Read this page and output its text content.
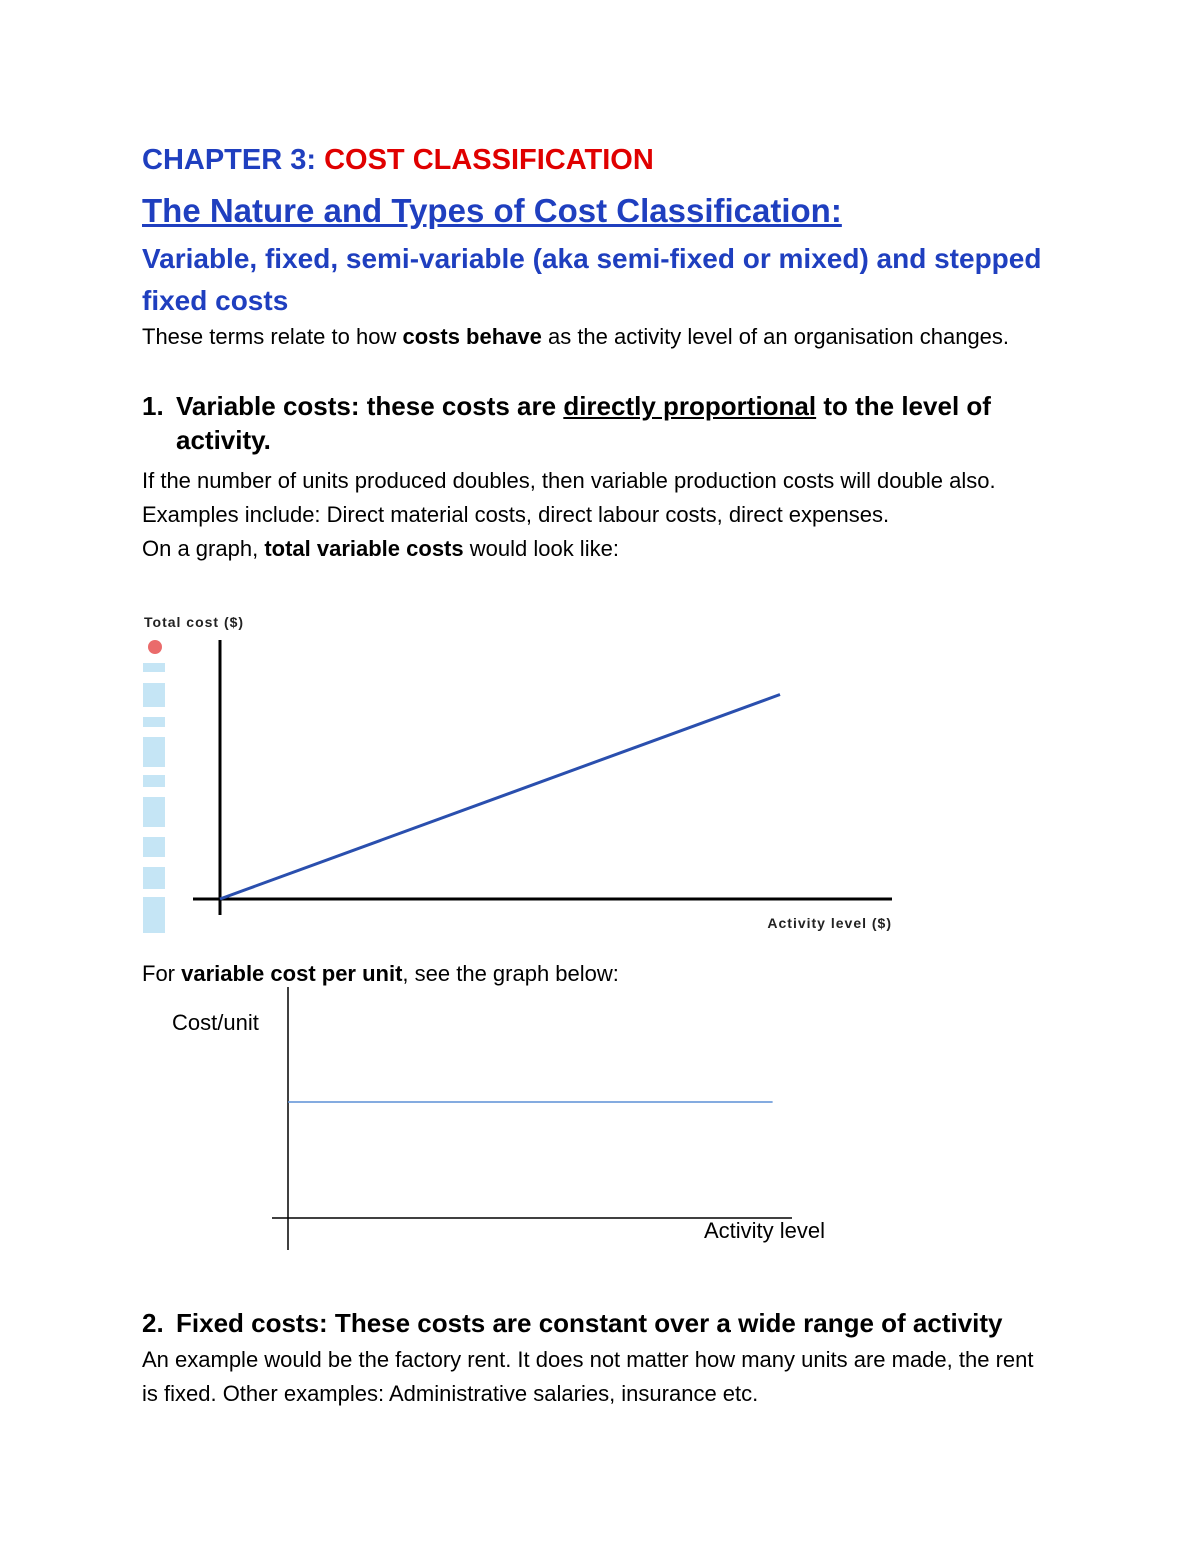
CHAPTER 3: COST CLASSIFICATION
The Nature and Types of Cost Classification:
Variable, fixed, semi-variable (aka semi-fixed or mixed) and stepped fixed costs
These terms relate to how costs behave as the activity level of an organisation changes.
1. Variable costs: these costs are directly proportional to the level of
activity.
If the number of units produced doubles, then variable production costs will double also.
Examples include: Direct material costs, direct labour costs, direct expenses.
On a graph, total variable costs would look like:
Total cost ($)
Activity level ($)
For variable cost per unit, see the graph below:
Cost/unit
Activity level
2. Fixed costs: These costs are constant over a wide range of activity
An example would be the factory rent. It does not matter how many units are made, the rent is fixed. Other examples: Administrative salaries, insurance etc.
